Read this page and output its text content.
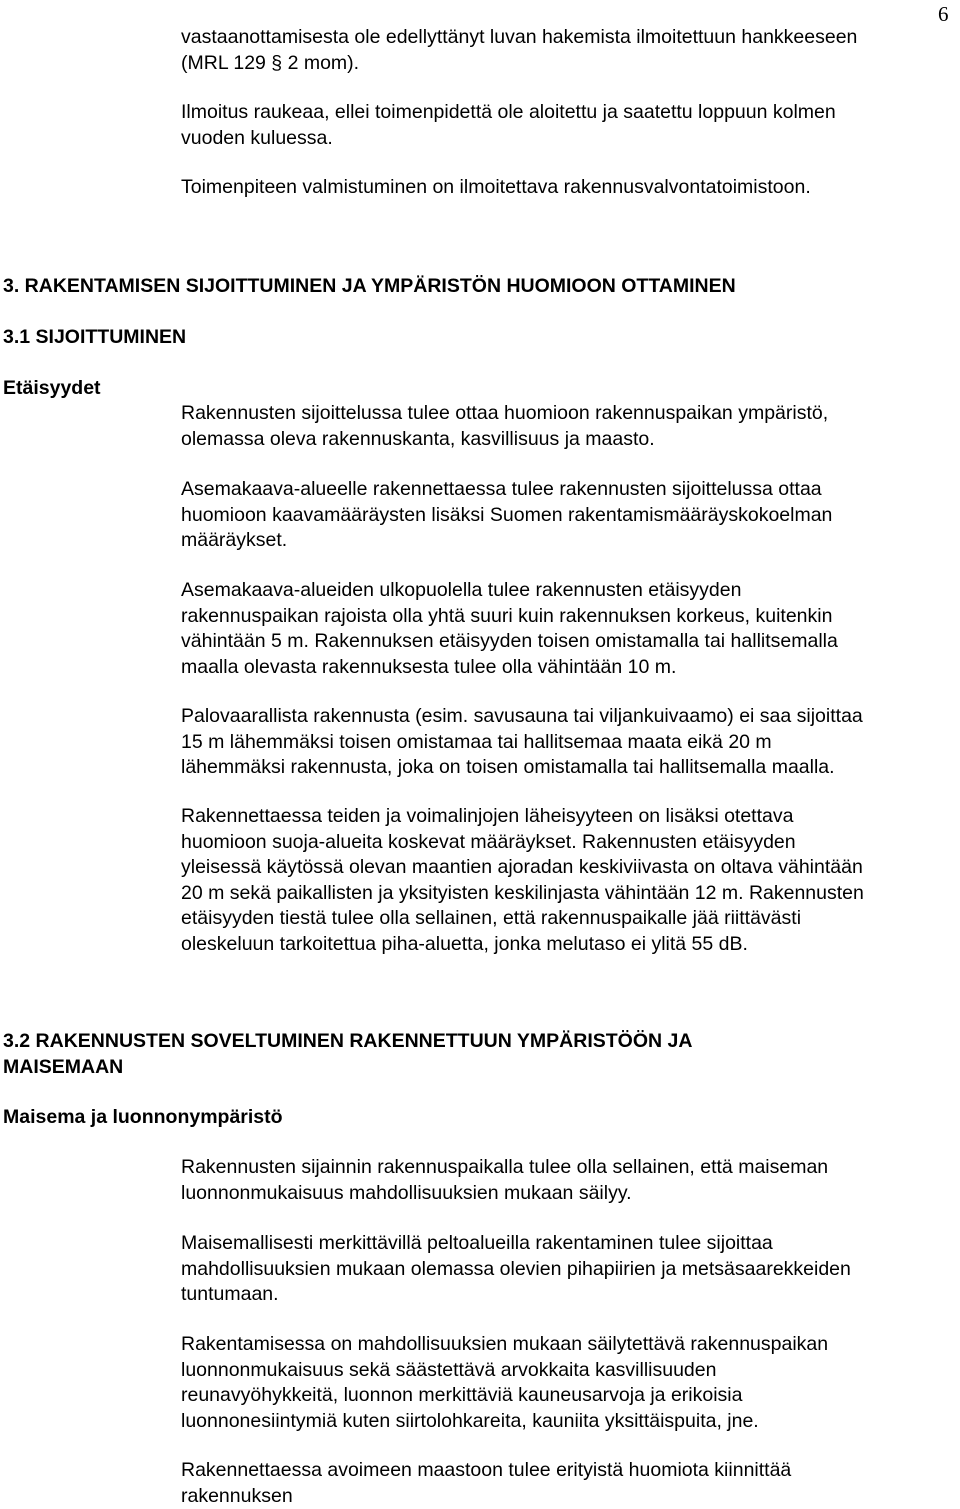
6

vastaanottamisesta ole edellyttänyt luvan hakemista ilmoitettuun hankkeeseen

(MRL 129 § 2 mom).

Ilmoitus raukeaa, ellei toimenpidettä ole aloitettu ja saatettu loppuun kolmen

vuoden kuluessa.

Toimenpiteen valmistuminen on ilmoitettava rakennusvalvontatoimistoon.

3. RAKENTAMISEN SIJOITTUMINEN JA YMPÄRISTÖN HUOMIOON OTTAMINEN
3.1 SIJOITTUMINEN
Etäisyydet

Rakennusten sijoittelussa tulee ottaa huomioon rakennuspaikan ympäristö,

olemassa oleva rakennuskanta, kasvillisuus ja maasto.

Asemakaava-alueelle rakennettaessa tulee rakennusten sijoittelussa ottaa

huomioon kaavamääräysten lisäksi Suomen rakentamismääräyskokoelman

määräykset.

Asemakaava-alueiden ulkopuolella tulee rakennusten etäisyyden

rakennuspaikan rajoista olla yhtä suuri kuin rakennuksen korkeus, kuitenkin

vähintään 5 m. Rakennuksen etäisyyden toisen omistamalla tai hallitsemalla

maalla olevasta rakennuksesta tulee olla vähintään 10 m.

Palovaarallista rakennusta (esim. savusauna tai viljankuivaamo) ei saa sijoittaa

15 m lähemmäksi toisen omistamaa tai hallitsemaa maata eikä 20 m

lähemmäksi rakennusta, joka on toisen omistamalla tai hallitsemalla maalla.

Rakennettaessa teiden ja voimalinjojen läheisyyteen on lisäksi otettava

huomioon suoja-alueita koskevat määräykset. Rakennusten etäisyyden

yleisessä käytössä olevan maantien ajoradan keskiviivasta on oltava vähintään

20 m sekä paikallisten ja yksityisten keskilinjasta vähintään 12 m. Rakennusten

etäisyyden tiestä tulee olla sellainen, että rakennuspaikalle jää riittävästi

oleskeluun tarkoitettua piha-aluetta, jonka melutaso ei ylitä 55 dB.

3.2 RAKENNUSTEN SOVELTUMINEN RAKENNETTUUN YMPÄRISTÖÖN JA
MAISEMAAN
Maisema ja luonnonympäristö

Rakennusten sijainnin rakennuspaikalla tulee olla sellainen, että maiseman

luonnonmukaisuus mahdollisuuksien mukaan säilyy.

Maisemallisesti merkittävillä peltoalueilla rakentaminen tulee sijoittaa

mahdollisuuksien mukaan olemassa olevien pihapiirien ja metsäsaarekkeiden

tuntumaan.

Rakentamisessa on mahdollisuuksien mukaan säilytettävä rakennuspaikan

luonnonmukaisuus sekä säästettävä arvokkaita kasvillisuuden

reunavyöhykkeitä, luonnon merkittäviä kauneusarvoja ja erikoisia

luonnonesiintymiä kuten siirtolohkareita, kauniita yksittäispuita, jne.

Rakennettaessa avoimeen maastoon tulee erityistä huomiota kiinnittää

rakennuksen
